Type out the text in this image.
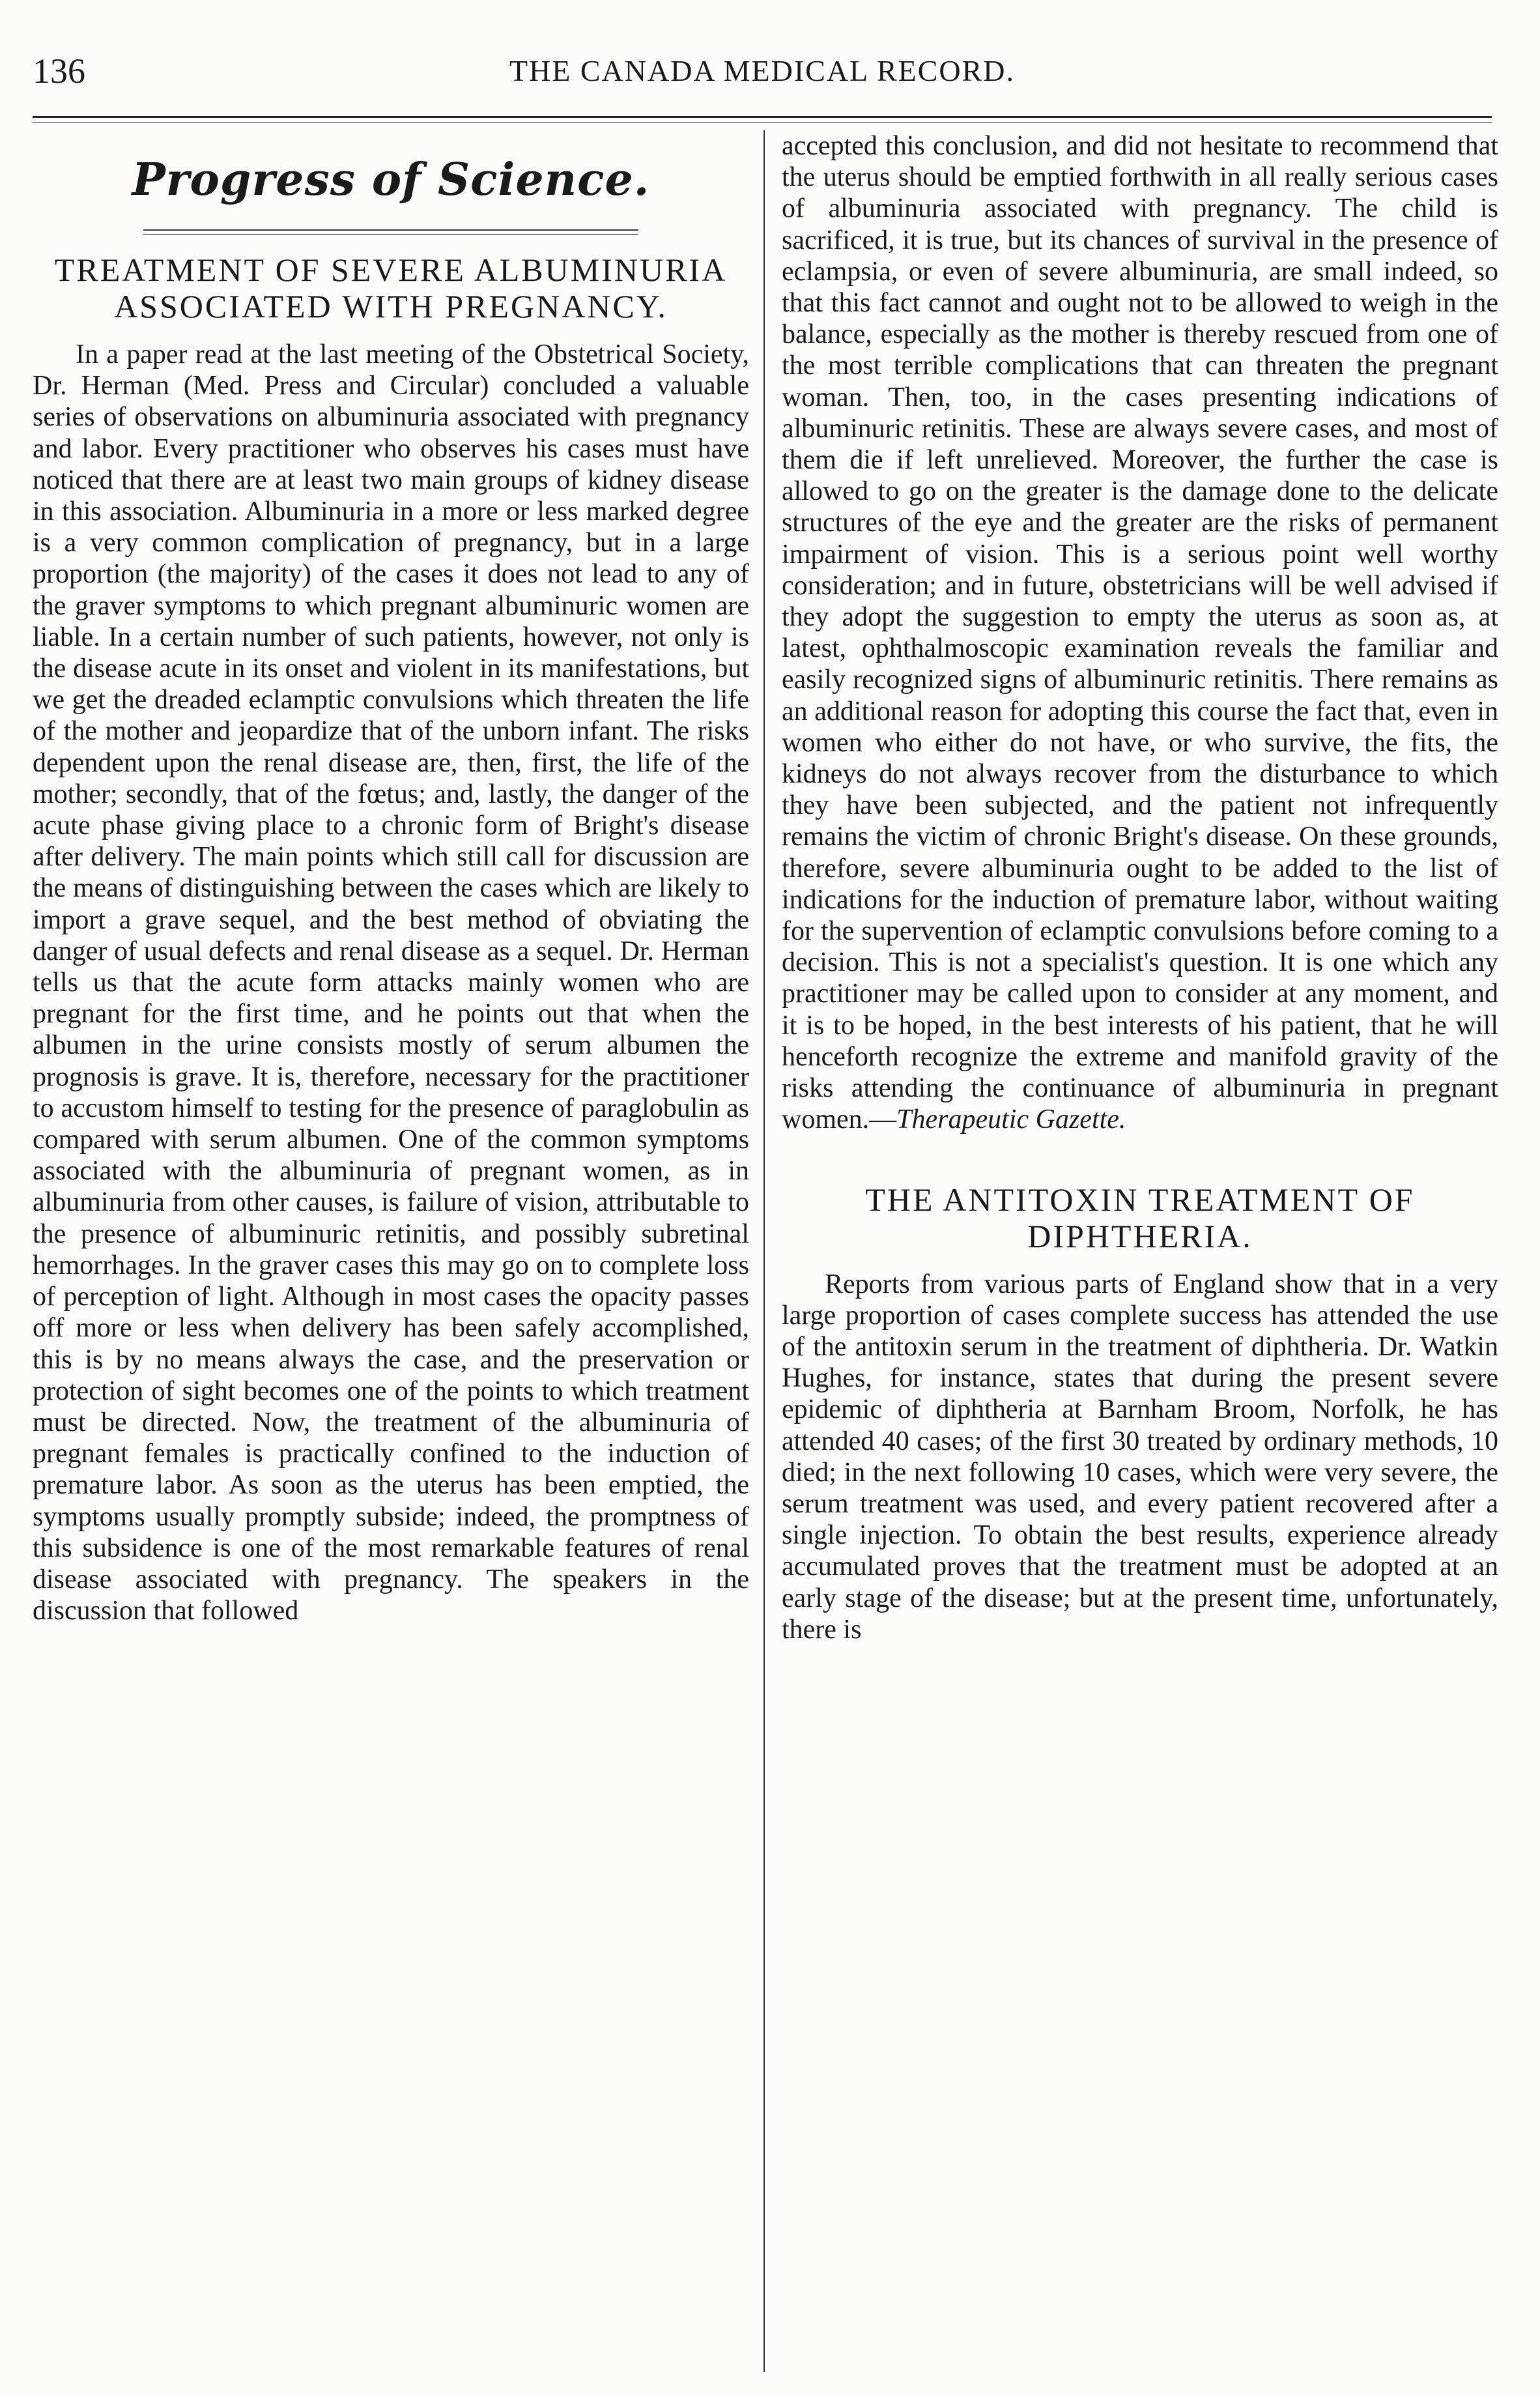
136	THE CANADA MEDICAL RECORD.
Progress of Science.
TREATMENT OF SEVERE ALBUMINURIA ASSOCIATED WITH PREGNANCY.

In a paper read at the last meeting of the Obstetrical Society, Dr. Herman (Med. Press and Circular) concluded a valuable series of observations on albuminuria associated with pregnancy and labor. Every practitioner who observes his cases must have noticed that there are at least two main groups of kidney disease in this association. Albuminuria in a more or less marked degree is a very common complication of pregnancy, but in a large proportion (the majority) of the cases it does not lead to any of the graver symptoms to which pregnant albuminuric women are liable. In a certain number of such patients, however, not only is the disease acute in its onset and violent in its manifestations, but we get the dreaded eclamptic convulsions which threaten the life of the mother and jeopardize that of the unborn infant. The risks dependent upon the renal disease are, then, first, the life of the mother; secondly, that of the fœtus; and, lastly, the danger of the acute phase giving place to a chronic form of Bright's disease after delivery. The main points which still call for discussion are the means of distinguishing between the cases which are likely to import a grave sequel, and the best method of obviating the danger of usual defects and renal disease as a sequel. Dr. Herman tells us that the acute form attacks mainly women who are pregnant for the first time, and he points out that when the albumen in the urine consists mostly of serum albumen the prognosis is grave. It is, therefore, necessary for the practitioner to accustom himself to testing for the presence of paraglobulin as compared with serum albumen. One of the common symptoms associated with the albuminuria of pregnant women, as in albuminuria from other causes, is failure of vision, attributable to the presence of albuminuric retinitis, and possibly subretinal hemorrhages. In the graver cases this may go on to complete loss of perception of light. Although in most cases the opacity passes off more or less when delivery has been safely accomplished, this is by no means always the case, and the preservation or protection of sight becomes one of the points to which treatment must be directed. Now, the treatment of the albuminuria of pregnant females is practically confined to the induction of premature labor. As soon as the uterus has been emptied, the symptoms usually promptly subside; indeed, the promptness of this subsidence is one of the most remarkable features of renal disease associated with pregnancy. The speakers in the discussion that followed

accepted this conclusion, and did not hesitate to recommend that the uterus should be emptied forthwith in all really serious cases of albuminuria associated with pregnancy. The child is sacrificed, it is true, but its chances of survival in the presence of eclampsia, or even of severe albuminuria, are small indeed, so that this fact cannot and ought not to be allowed to weigh in the balance, especially as the mother is thereby rescued from one of the most terrible complications that can threaten the pregnant woman. Then, too, in the cases presenting indications of albuminuric retinitis. These are always severe cases, and most of them die if left unrelieved. Moreover, the further the case is allowed to go on the greater is the damage done to the delicate structures of the eye and the greater are the risks of permanent impairment of vision. This is a serious point well worthy consideration; and in future, obstetricians will be well advised if they adopt the suggestion to empty the uterus as soon as, at latest, ophthalmoscopic examination reveals the familiar and easily recognized signs of albuminuric retinitis. There remains as an additional reason for adopting this course the fact that, even in women who either do not have, or who survive, the fits, the kidneys do not always recover from the disturbance to which they have been subjected, and the patient not infrequently remains the victim of chronic Bright's disease. On these grounds, therefore, severe albuminuria ought to be added to the list of indications for the induction of premature labor, without waiting for the supervention of eclamptic convulsions before coming to a decision. This is not a specialist's question. It is one which any practitioner may be called upon to consider at any moment, and it is to be hoped, in the best interests of his patient, that he will henceforth recognize the extreme and manifold gravity of the risks attending the continuance of albuminuria in pregnant women.—Therapeutic Gazette.

THE ANTITOXIN TREATMENT OF DIPHTHERIA.

Reports from various parts of England show that in a very large proportion of cases complete success has attended the use of the antitoxin serum in the treatment of diphtheria. Dr. Watkin Hughes, for instance, states that during the present severe epidemic of diphtheria at Barnham Broom, Norfolk, he has attended 40 cases; of the first 30 treated by ordinary methods, 10 died; in the next following 10 cases, which were very severe, the serum treatment was used, and every patient recovered after a single injection. To obtain the best results, experience already accumulated proves that the treatment must be adopted at an early stage of the disease; but at the present time, unfortunately, there is
